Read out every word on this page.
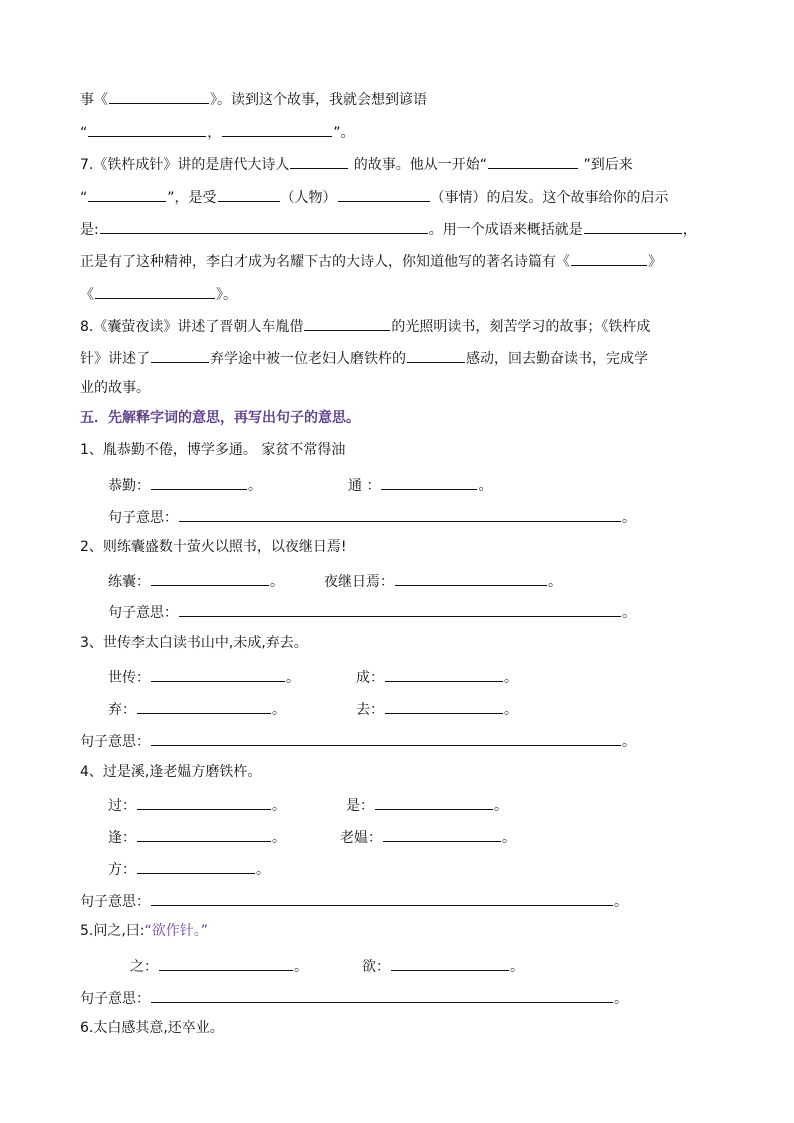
事《	》。读到这个故事，我就会想到谚语
“	，	”。
7.《铁杵成针》讲的是唐代大诗人	的故事。他从一开始“	”到后来
“	”，是受	（人物）	（事情）的启发。这个故事给你的启示
是:	。用一个成语来概括就是	，
正是有了这种精神，李白才成为名耀下古的大诗人，你知道他写的著名诗篇有《	》
《	》。
8.《囊萤夜读》讲述了晋朝人车胤借	的光照明读书，刻苦学习的故事；《铁杵成
针》讲述了	弃学途中被一位老妇人磨铁杵的	感动，回去勤奋读书，完成学
业的故事。
五．先解释字词的意思，再写出句子的意思。
1、胤恭勤不倦，博学多通。 家贫不常得油
恭勤：	。	通 ：	。
句子意思：	。
2、则练囊盛数十萤火以照书，以夜继日焉!
练囊：	。	夜继日焉：	。
句子意思：	。
3、世传李太白读书山中,未成,弃去。
世传：	。	成：	。
弃：	。	去：	。
句子意思：	。
4、过是溪,逢老媪方磨铁杵。
过：	。	是：	。
逢：	。	老媪：	。
方：	。
句子意思：	。
5.问之,曰:“欲作针。”
之：	。	欲：	。
句子意思：	。
6.太白感其意,还卒业。
